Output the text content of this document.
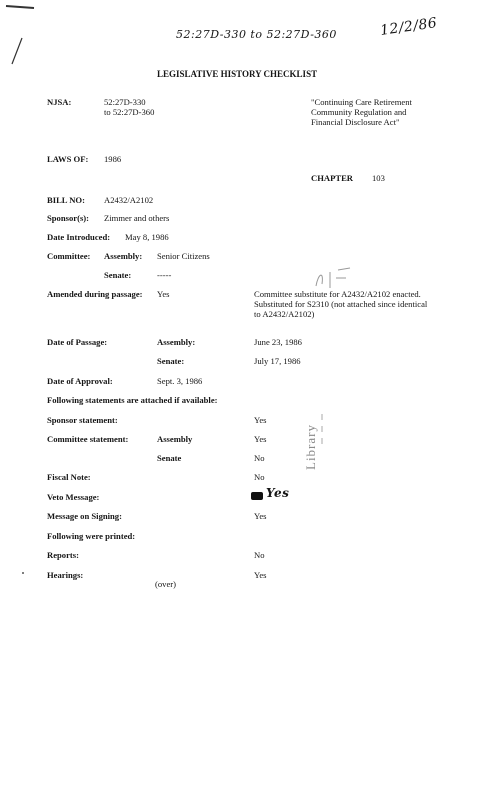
52:27D-330 to 52:27D-360	12/2/86
LEGISLATIVE HISTORY CHECKLIST
NJSA:	52:27D-330
to 52:27D-360
"Continuing Care Retirement Community Regulation and Financial Disclosure Act"
LAWS OF: 1986
CHAPTER 103
BILL NO: A2432/A2102
Sponsor(s): Zimmer and others
Date Introduced: May 8, 1986
Committee: Assembly: Senior Citizens
Senate:	-----
Amended during passage: Yes	Committee substitute for A2432/A2102 enacted. Substituted for S2310 (not attached since identical to A2432/A2102)
Date of Passage:	Assembly:	June 23, 1986
Senate:	July 17, 1986
Date of Approval:	Sept. 3, 1986
Following statements are attached if available:
Sponsor statement:	Yes
Committee statement:	Assembly	Yes
Senate	No
Fiscal Note:	No
Veto Message:	Yes
Message on Signing:	Yes
Following were printed:
Reports:	No
Hearings:	Yes
(over)
Library
